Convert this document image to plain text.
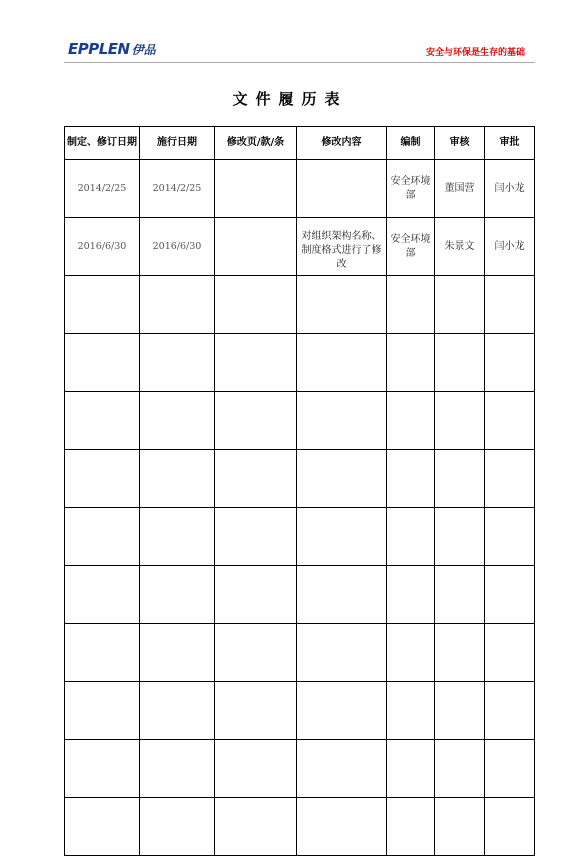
EPPLEN 伊品	安全与环保是生存的基础
文件履历表
制定、修订日期	施行日期	修改页/款/条	修改内容	编制	审核	审批
2014/2/25	2014/2/25			安全环境部	董国营	闫小龙
2016/6/30	2016/6/30		对组织架构名称、制度格式进行了修改	安全环境部	朱景文	闫小龙
